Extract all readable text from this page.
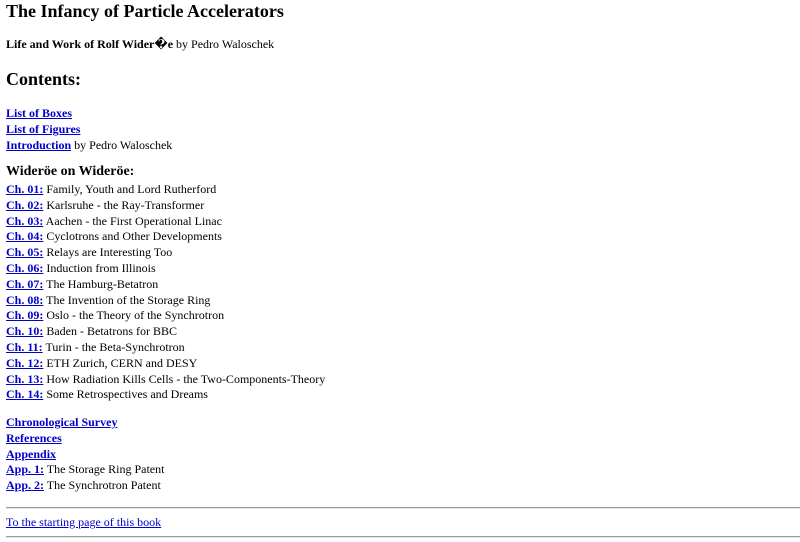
The Infancy of Particle Accelerators
Life and Work of Rolf Wider�e by Pedro Waloschek
Contents:
List of Boxes
List of Figures
Introduction by Pedro Waloschek
Wideröe on Wideröe:
Ch. 01: Family, Youth and Lord Rutherford
Ch. 02: Karlsruhe - the Ray-Transformer
Ch. 03: Aachen - the First Operational Linac
Ch. 04: Cyclotrons and Other Developments
Ch. 05: Relays are Interesting Too
Ch. 06: Induction from Illinois
Ch. 07: The Hamburg-Betatron
Ch. 08: The Invention of the Storage Ring
Ch. 09: Oslo - the Theory of the Synchrotron
Ch. 10: Baden - Betatrons for BBC
Ch. 11: Turin - the Beta-Synchrotron
Ch. 12: ETH Zurich, CERN and DESY
Ch. 13: How Radiation Kills Cells - the Two-Components-Theory
Ch. 14: Some Retrospectives and Dreams
Chronological Survey
References
Appendix
App. 1: The Storage Ring Patent
App. 2: The Synchrotron Patent
To the starting page of this book
